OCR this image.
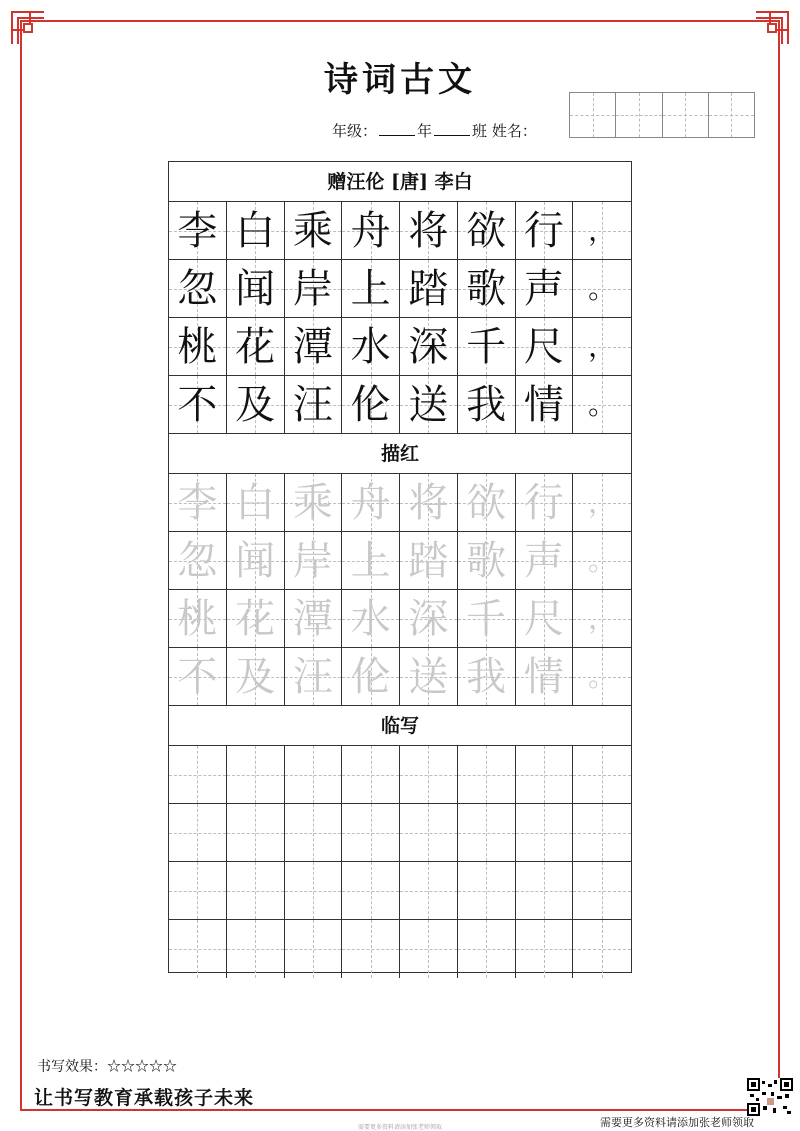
诗词古文
年级：	年	班 姓名：
赠汪伦 [唐] 李白
李 白 乘 舟 将 欲 行 ，
忽 闻 岸 上 踏 歌 声 。
桃 花 潭 水 深 千 尺 ，
不 及 汪 伦 送 我 情 。
描红
李 白 乘 舟 将 欲 行 ，
忽 闻 岸 上 踏 歌 声 。
桃 花 潭 水 深 千 尺 ，
不 及 汪 伦 送 我 情 。
临写
书写效果：☆☆☆☆☆
让书写教育承载孩子未来
需要更多资料请添加张老师领取
需要更多资料请添加张老师领取
